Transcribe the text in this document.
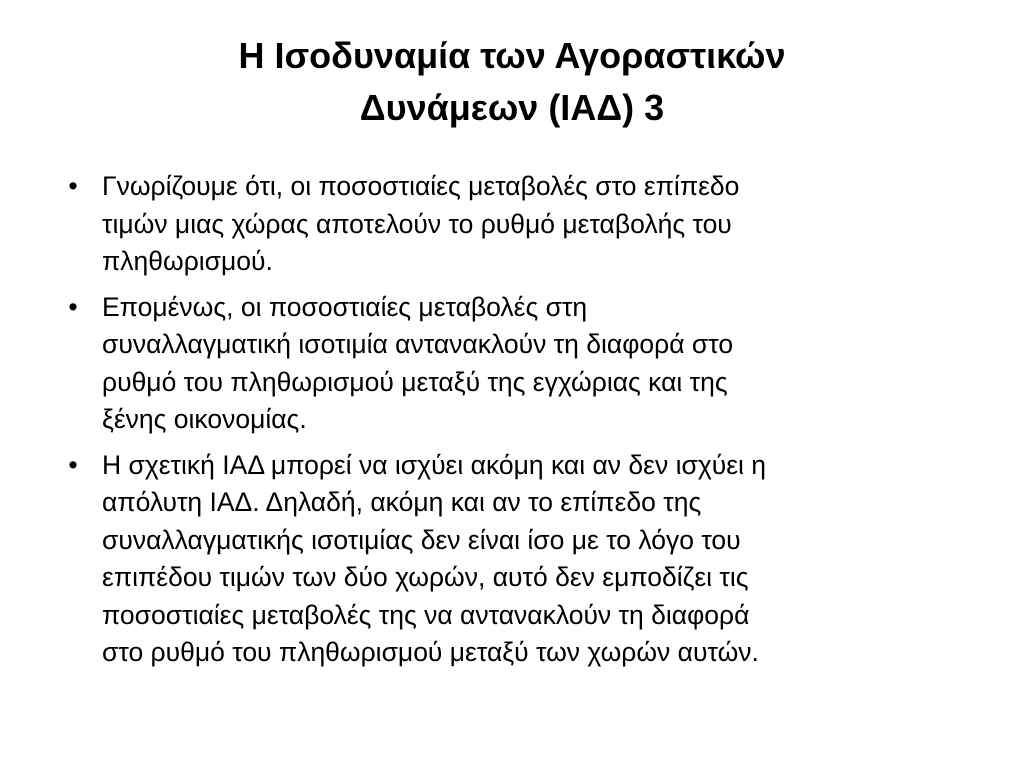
Η Ισοδυναμία των Αγοραστικών
Δυνάμεων (ΙΑΔ) 3
• Γνωρίζουμε ότι, οι ποσοστιαίες μεταβολές στο επίπεδο
τιμών μιας χώρας αποτελούν το ρυθμό μεταβολής του
πληθωρισμού.
• Επομένως, οι ποσοστιαίες μεταβολές στη
συναλλαγματική ισοτιμία αντανακλούν τη διαφορά στο
ρυθμό του πληθωρισμού μεταξύ της εγχώριας και της
ξένης οικονομίας.
• Η σχετική ΙΑΔ μπορεί να ισχύει ακόμη και αν δεν ισχύει η
απόλυτη ΙΑΔ. Δηλαδή, ακόμη και αν το επίπεδο της
συναλλαγματικής ισοτιμίας δεν είναι ίσο με το λόγο του
επιπέδου τιμών των δύο χωρών, αυτό δεν εμποδίζει τις
ποσοστιαίες μεταβολές της να αντανακλούν τη διαφορά
στο ρυθμό του πληθωρισμού μεταξύ των χωρών αυτών.
